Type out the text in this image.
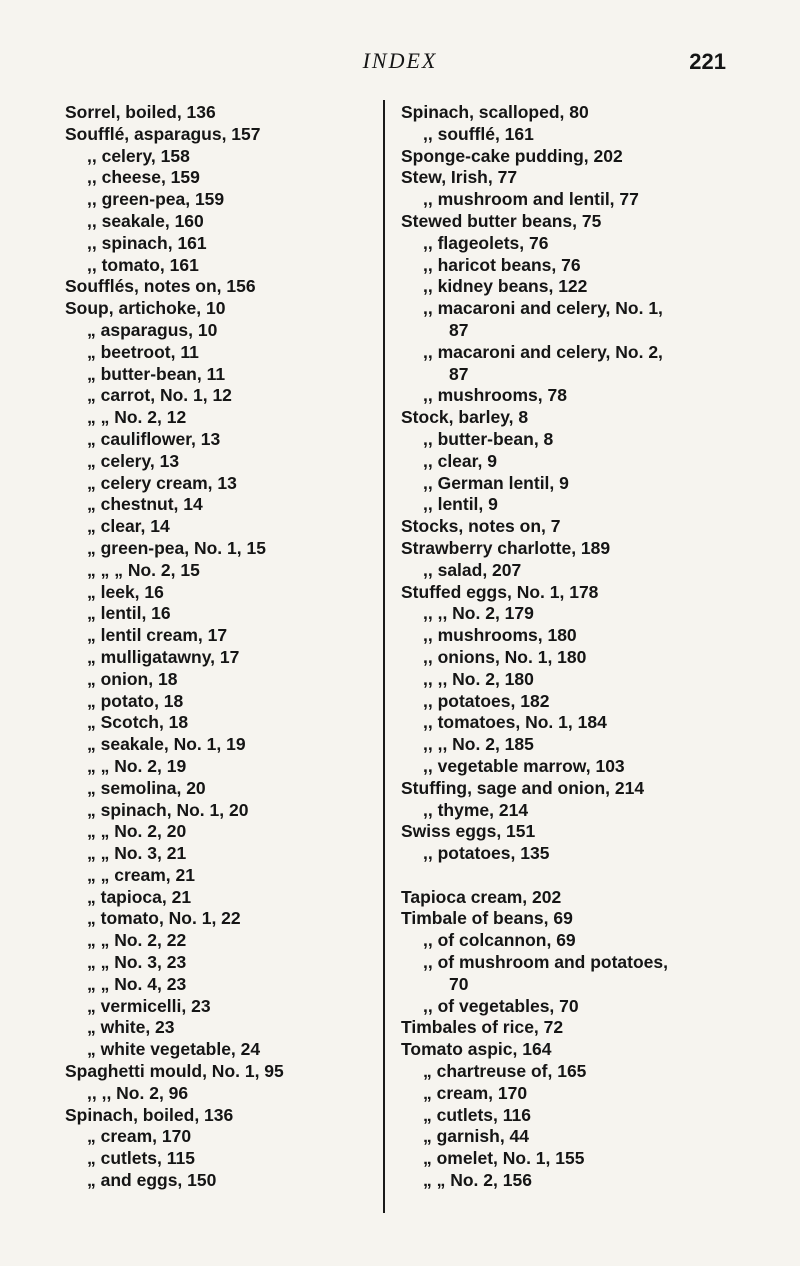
INDEX	221
Sorrel, boiled, 136
Soufflé, asparagus, 157
,, celery, 158
,, cheese, 159
,, green-pea, 159
,, seakale, 160
,, spinach, 161
,, tomato, 161
Soufflés, notes on, 156
Soup, artichoke, 10
„ asparagus, 10
„ beetroot, 11
„ butter-bean, 11
„ carrot, No. 1, 12
„ „ No. 2, 12
„ cauliflower, 13
„ celery, 13
„ celery cream, 13
„ chestnut, 14
„ clear, 14
„ green-pea, No. 1, 15
„ „ „ No. 2, 15
„ leek, 16
„ lentil, 16
„ lentil cream, 17
„ mulligatawny, 17
„ onion, 18
„ potato, 18
„ Scotch, 18
„ seakale, No. 1, 19
„ „ No. 2, 19
„ semolina, 20
„ spinach, No. 1, 20
„ „ No. 2, 20
„ „ No. 3, 21
„ „ cream, 21
„ tapioca, 21
„ tomato, No. 1, 22
„ „ No. 2, 22
„ „ No. 3, 23
„ „ No. 4, 23
„ vermicelli, 23
„ white, 23
„ white vegetable, 24
Spaghetti mould, No. 1, 95
,, ,, No. 2, 96
Spinach, boiled, 136
„ cream, 170
„ cutlets, 115
„ and eggs, 150
Spinach, scalloped, 80
,, soufflé, 161
Sponge-cake pudding, 202
Stew, Irish, 77
,, mushroom and lentil, 77
Stewed butter beans, 75
,, flageolets, 76
,, haricot beans, 76
,, kidney beans, 122
,, macaroni and celery, No. 1,
87
,, macaroni and celery, No. 2,
87
,, mushrooms, 78
Stock, barley, 8
,, butter-bean, 8
,, clear, 9
,, German lentil, 9
,, lentil, 9
Stocks, notes on, 7
Strawberry charlotte, 189
,, salad, 207
Stuffed eggs, No. 1, 178
,, ,, No. 2, 179
,, mushrooms, 180
,, onions, No. 1, 180
,, ,, No. 2, 180
,, potatoes, 182
,, tomatoes, No. 1, 184
,, ,, No. 2, 185
,, vegetable marrow, 103
Stuffing, sage and onion, 214
,, thyme, 214
Swiss eggs, 151
,, potatoes, 135
Tapioca cream, 202
Timbale of beans, 69
,, of colcannon, 69
,, of mushroom and potatoes,
70
,, of vegetables, 70
Timbales of rice, 72
Tomato aspic, 164
„ chartreuse of, 165
„ cream, 170
„ cutlets, 116
„ garnish, 44
„ omelet, No. 1, 155
„ „ No. 2, 156
